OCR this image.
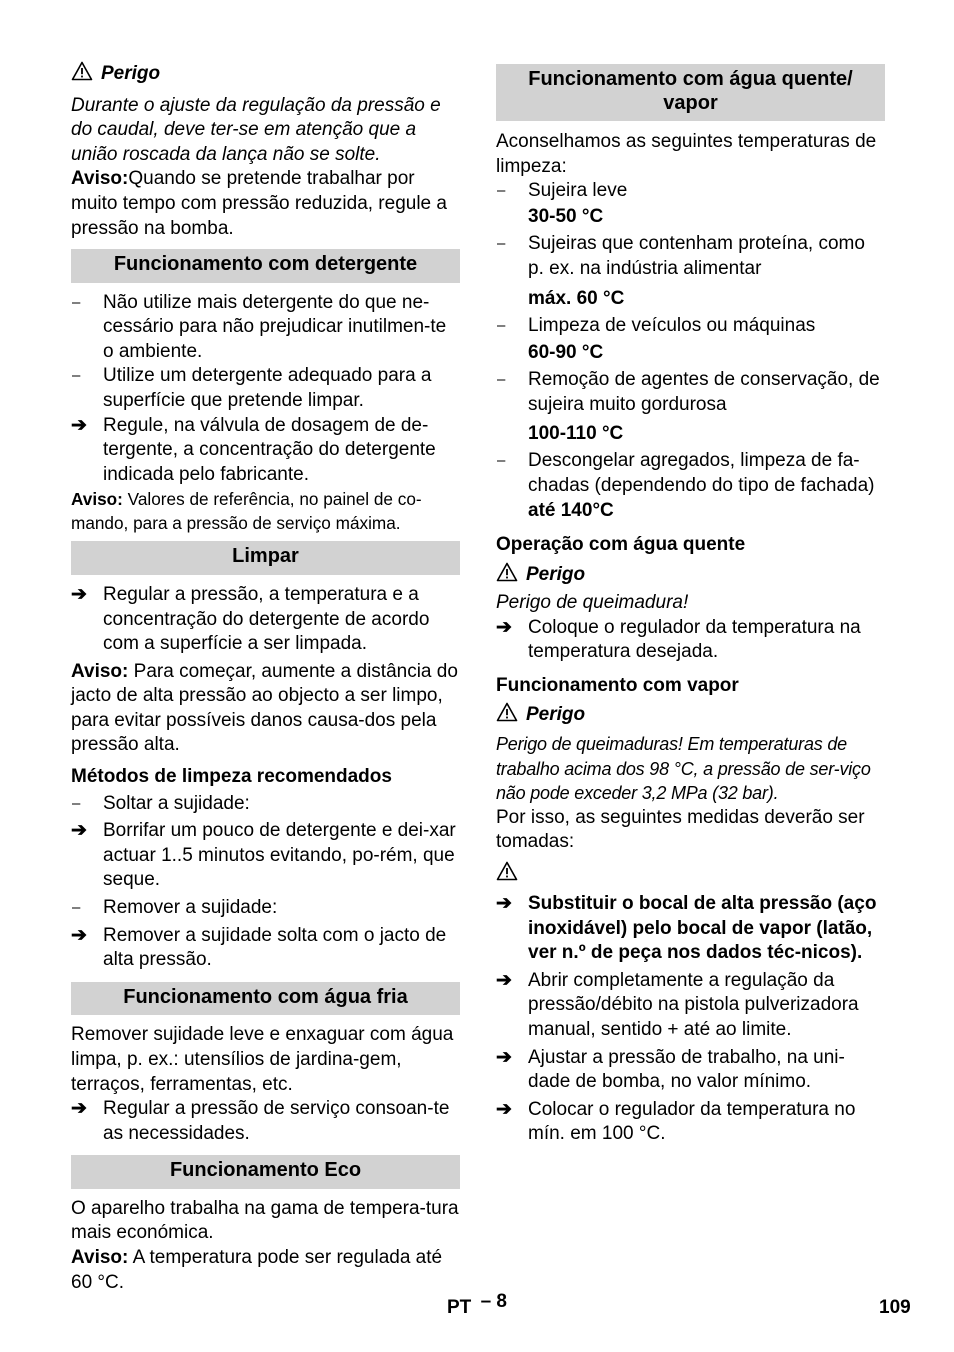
Perigo

Durante o ajuste da regulação da pressão e do caudal, deve ter-se em atenção que a união roscada da lança não se solte.

Aviso:Quando se pretende trabalhar por muito tempo com pressão reduzida, regule a pressão na bomba.

Funcionamento com detergente

–	Não utilize mais detergente do que ne-cessário para não prejudicar inutilmen-te o ambiente.

–	Utilize um detergente adequado para a superfície que pretende limpar.

➔ Regule, na válvula de dosagem de de-tergente, a concentração do detergente indicada pelo fabricante.

Aviso: Valores de referência, no painel de co-mando, para a pressão de serviço máxima.

Limpar

➔ Regular a pressão, a temperatura e a concentração do detergente de acordo com a superfície a ser limpada.

Aviso: Para começar, aumente a distância do jacto de alta pressão ao objecto a ser limpo, para evitar possíveis danos causa-dos pela pressão alta.

Métodos de limpeza recomendados

–	Soltar a sujidade:

➔ Borrifar um pouco de detergente e dei-xar actuar 1..5 minutos evitando, po-rém, que seque.

–	Remover a sujidade:

➔ Remover a sujidade solta com o jacto de alta pressão.

Funcionamento com água fria

Remover sujidade leve e enxaguar com água limpa, p. ex.: utensílios de jardina-gem, terraços, ferramentas, etc.

➔ Regular a pressão de serviço consoan-te as necessidades.

Funcionamento Eco

O aparelho trabalha na gama de tempera-tura mais económica.

Aviso: A temperatura pode ser regulada até 60 °C.

Funcionamento com água quente/ vapor

Aconselhamos as seguintes temperaturas de limpeza:

–	Sujeira leve

30-50 °C

–	Sujeiras que contenham proteína, como p. ex. na indústria alimentar

máx. 60 °C

–	Limpeza de veículos ou máquinas

60-90 °C

–	Remoção de agentes de conservação, de sujeira muito gordurosa

100-110 °C

–	Descongelar agregados, limpeza de fa-chadas (dependendo do tipo de fachada)

até 140°C

Operação com água quente

Perigo

Perigo de queimadura!

➔ Coloque o regulador da temperatura na temperatura desejada.

Funcionamento com vapor

Perigo

Perigo de queimaduras! Em temperaturas de trabalho acima dos 98 °C, a pressão de ser-viço não pode exceder 3,2 MPa (32 bar).

Por isso, as seguintes medidas deverão ser tomadas:

➔ Substituir o bocal de alta pressão (aço inoxidável) pelo bocal de vapor (latão, ver n.º de peça nos dados téc-nicos).

➔ Abrir completamente a regulação da pressão/débito na pistola pulverizadora manual, sentido + até ao limite.

➔ Ajustar a pressão de trabalho, na uni-dade de bomba, no valor mínimo.

➔ Colocar o regulador da temperatura no mín. em 100 °C.

PT – 8	109
